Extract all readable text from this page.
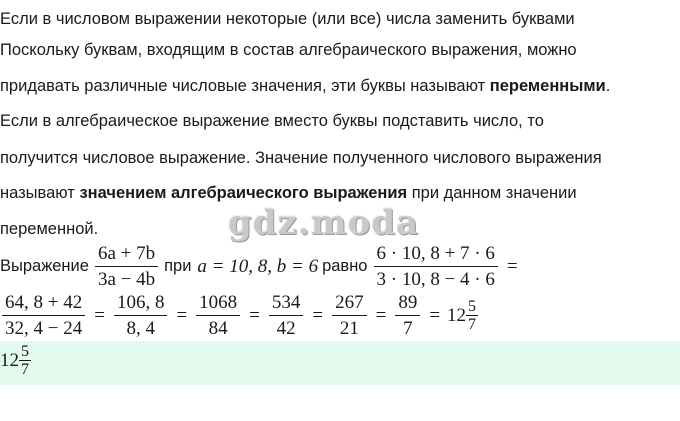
Если в числовом выражении некоторые (или все) числа заменить буквами
Поскольку буквам, входящим в состав алгебраического выражения, можно
придавать различные числовые значения, эти буквы называют переменными.
Если в алгебраическое выражение вместо буквы подставить число, то
получится числовое выражение. Значение полученного числового выражения
называют значением алгебраического выражения при данном значении
переменной.	gdz.moda
Выражение $\frac{6a + 7b}{3a - 4b}$ при a = 10, 8, b = 6 равно $\frac{6 \cdot 10, 8 + 7 \cdot 6}{3 \cdot 10, 8 - 4 \cdot 6}$ =
$\frac{64, 8 + 42}{32, 4 - 24} = \frac{106, 8}{8, 4} = \frac{1068}{84} = \frac{534}{42} = \frac{267}{21} = \frac{89}{7} = 12 \frac{5}{7}$
$12 \frac{5}{7}$
